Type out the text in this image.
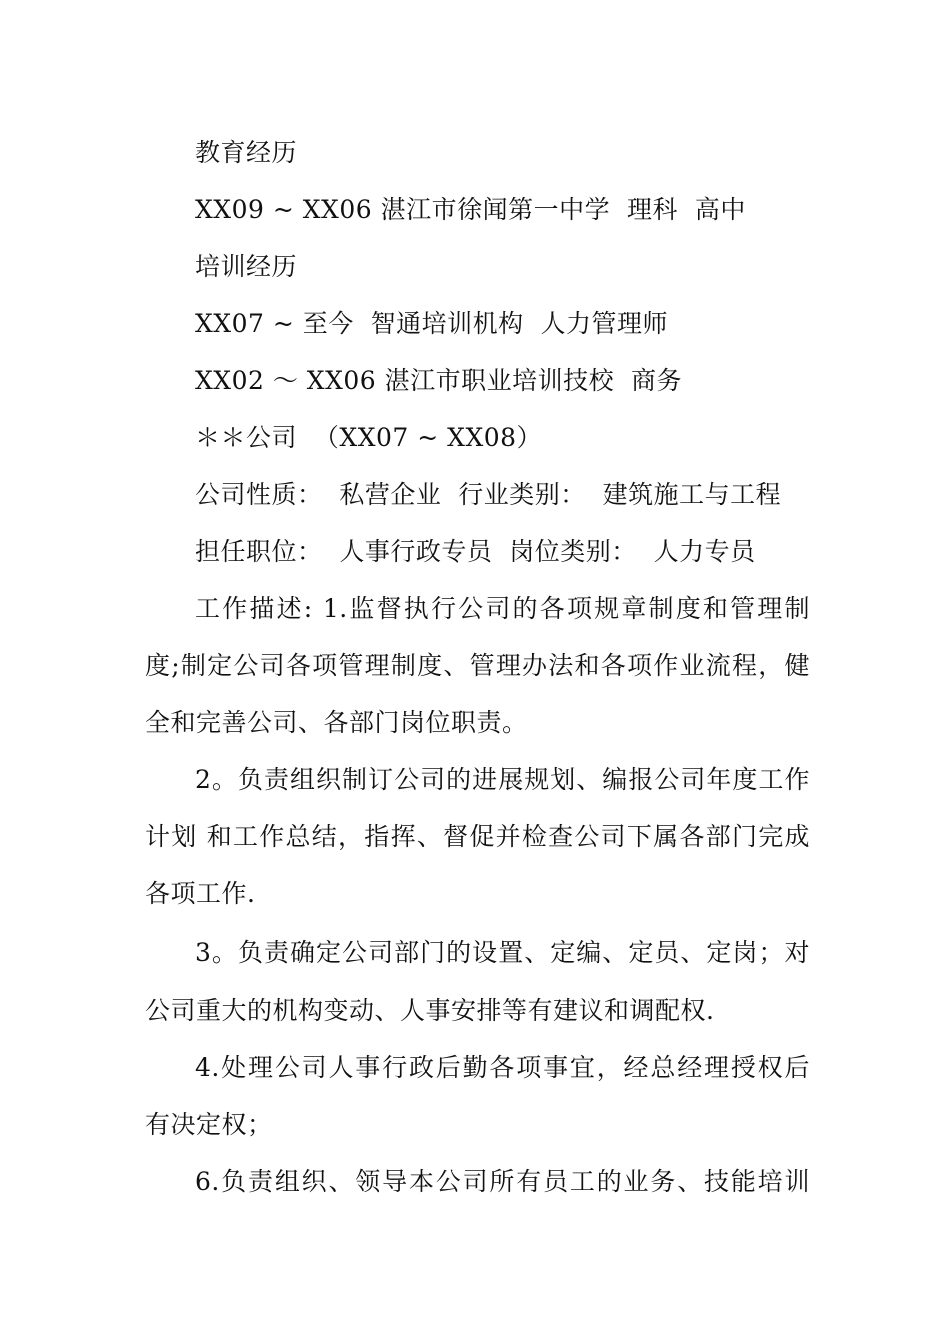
教育经历
XX09 ~ XX06 湛江市徐闻第一中学  理科  高中
培训经历
XX07 ~ 至今  智通培训机构  人力管理师
XX02 ～ XX06 湛江市职业培训技校  商务
＊＊公司  （XX07 ~ XX08）
公司性质：  私营企业  行业类别：  建筑施工与工程
担任职位：  人事行政专员  岗位类别：  人力专员
工作描述: 1.监督执行公司的各项规章制度和管理制
度;制定公司各项管理制度、管理办法和各项作业流程，健
全和完善公司、各部门岗位职责。
2。负责组织制订公司的进展规划、编报公司年度工作
计划 和工作总结，指挥、督促并检查公司下属各部门完成
各项工作.
3。负责确定公司部门的设置、定编、定员、定岗；对
公司重大的机构变动、人事安排等有建议和调配权.
4.处理公司人事行政后勤各项事宜，经总经理授权后
有决定权；
6.负责组织、领导本公司所有员工的业务、技能培训
